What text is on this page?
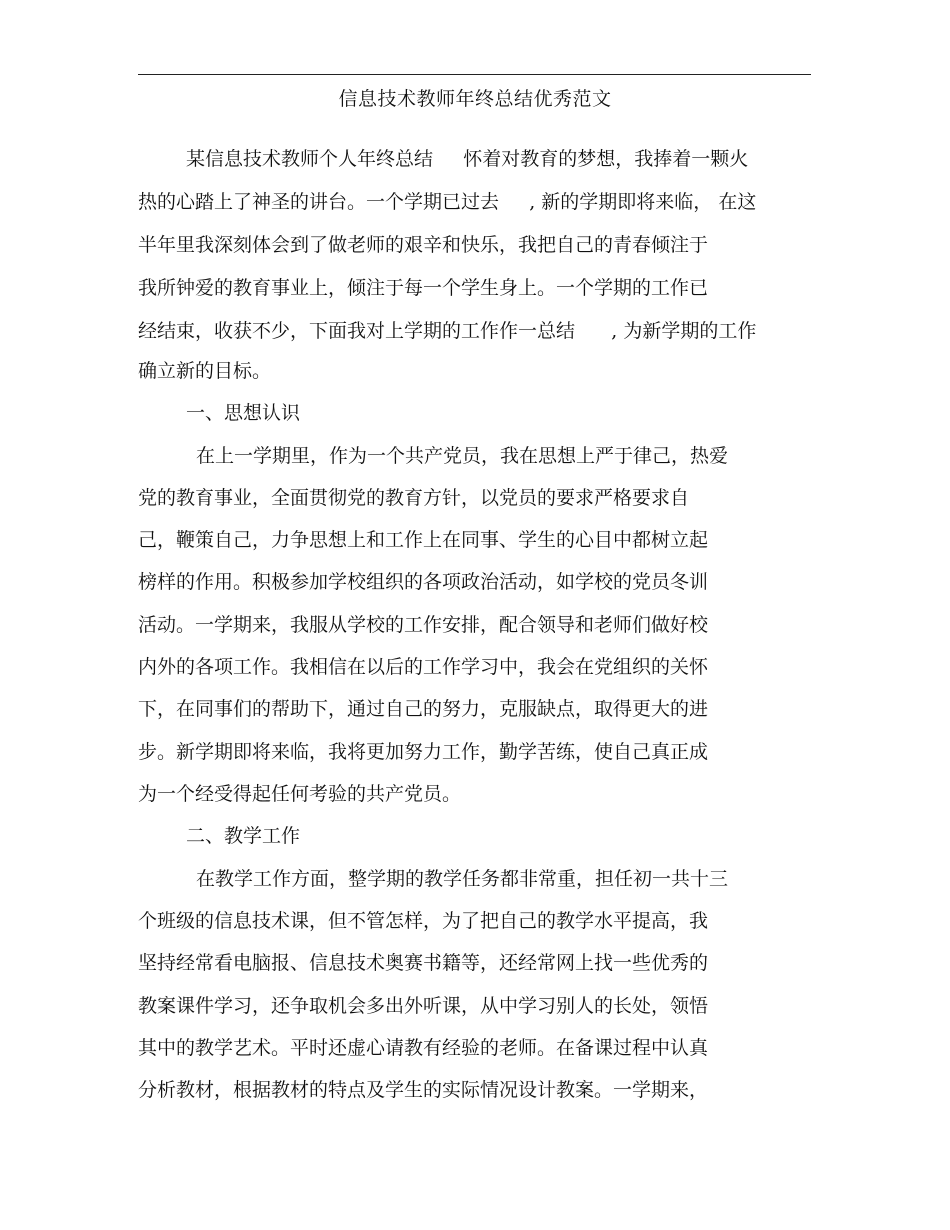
信息技术教师年终总结优秀范文
某信息技术教师个人年终总结     怀着对教育的梦想，我捧着一颗火
热的心踏上了神圣的讲台。一个学期已过去     , 新的学期即将来临， 在这
半年里我深刻体会到了做老师的艰辛和快乐，我把自己的青春倾注于
我所钟爱的教育事业上，倾注于每一个学生身上。一个学期的工作已
经结束，收获不少，下面我对上学期的工作作一总结      , 为新学期的工作
确立新的目标。
一、思想认识
在上一学期里，作为一个共产党员，我在思想上严于律己，热爱
党的教育事业，全面贯彻党的教育方针，以党员的要求严格要求自
己，鞭策自己，力争思想上和工作上在同事、学生的心目中都树立起
榜样的作用。积极参加学校组织的各项政治活动，如学校的党员冬训
活动。一学期来，我服从学校的工作安排，配合领导和老师们做好校
内外的各项工作。我相信在以后的工作学习中，我会在党组织的关怀
下，在同事们的帮助下，通过自己的努力，克服缺点，取得更大的进
步。新学期即将来临，我将更加努力工作，勤学苦练，使自己真正成
为一个经受得起任何考验的共产党员。
二、教学工作
在教学工作方面，整学期的教学任务都非常重，担任初一共十三
个班级的信息技术课，但不管怎样，为了把自己的教学水平提高，我
坚持经常看电脑报、信息技术奥赛书籍等，还经常网上找一些优秀的
教案课件学习，还争取机会多出外听课，从中学习别人的长处，领悟
其中的教学艺术。平时还虚心请教有经验的老师。在备课过程中认真
分析教材，根据教材的特点及学生的实际情况设计教案。一学期来，
